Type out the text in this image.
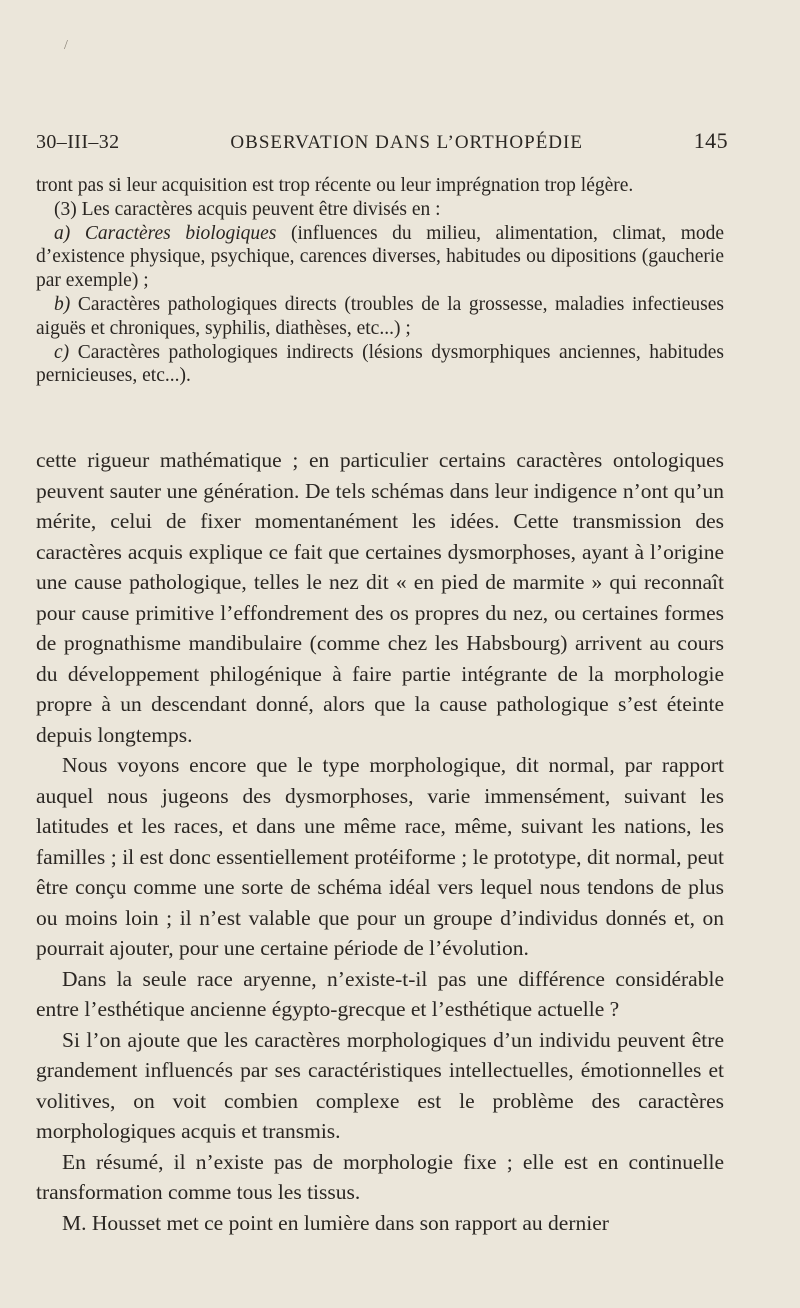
/
30–III–32	OBSERVATION DANS L’ORTHOPÉDIE	145

tront pas si leur acquisition est trop récente ou leur imprégnation trop légère.

(3) Les caractères acquis peuvent être divisés en :

a) Caractères biologiques (influences du milieu, alimentation, climat, mode d’existence physique, psychique, carences diverses, habitudes ou dipositions (gaucherie par exemple) ;

b) Caractères pathologiques directs (troubles de la grossesse, maladies infectieuses aiguës et chroniques, syphilis, diathèses, etc...) ;

c) Caractères pathologiques indirects (lésions dysmorphiques anciennes, habitudes pernicieuses, etc...).

cette rigueur mathématique ; en particulier certains caractères ontologiques peuvent sauter une génération. De tels schémas dans leur indigence n’ont qu’un mérite, celui de fixer momentanément les idées. Cette transmission des caractères acquis explique ce fait que certaines dysmorphoses, ayant à l’origine une cause pathologique, telles le nez dit « en pied de marmite » qui reconnaît pour cause primitive l’effondrement des os propres du nez, ou certaines formes de prognathisme mandibulaire (comme chez les Habsbourg) arrivent au cours du développement philogénique à faire partie intégrante de la morphologie propre à un descendant donné, alors que la cause pathologique s’est éteinte depuis longtemps.

Nous voyons encore que le type morphologique, dit normal, par rapport auquel nous jugeons des dysmorphoses, varie immensément, suivant les latitudes et les races, et dans une même race, même, suivant les nations, les familles ; il est donc essentiellement protéiforme ; le prototype, dit normal, peut être conçu comme une sorte de schéma idéal vers lequel nous tendons de plus ou moins loin ; il n’est valable que pour un groupe d’individus donnés et, on pourrait ajouter, pour une certaine période de l’évolution.

Dans la seule race aryenne, n’existe-t-il pas une différence considérable entre l’esthétique ancienne égypto-grecque et l’esthétique actuelle ?

Si l’on ajoute que les caractères morphologiques d’un individu peuvent être grandement influencés par ses caractéristiques intellectuelles, émotionnelles et volitives, on voit combien complexe est le problème des caractères morphologiques acquis et transmis.

En résumé, il n’existe pas de morphologie fixe ; elle est en continuelle transformation comme tous les tissus.

M. Housset met ce point en lumière dans son rapport au dernier
